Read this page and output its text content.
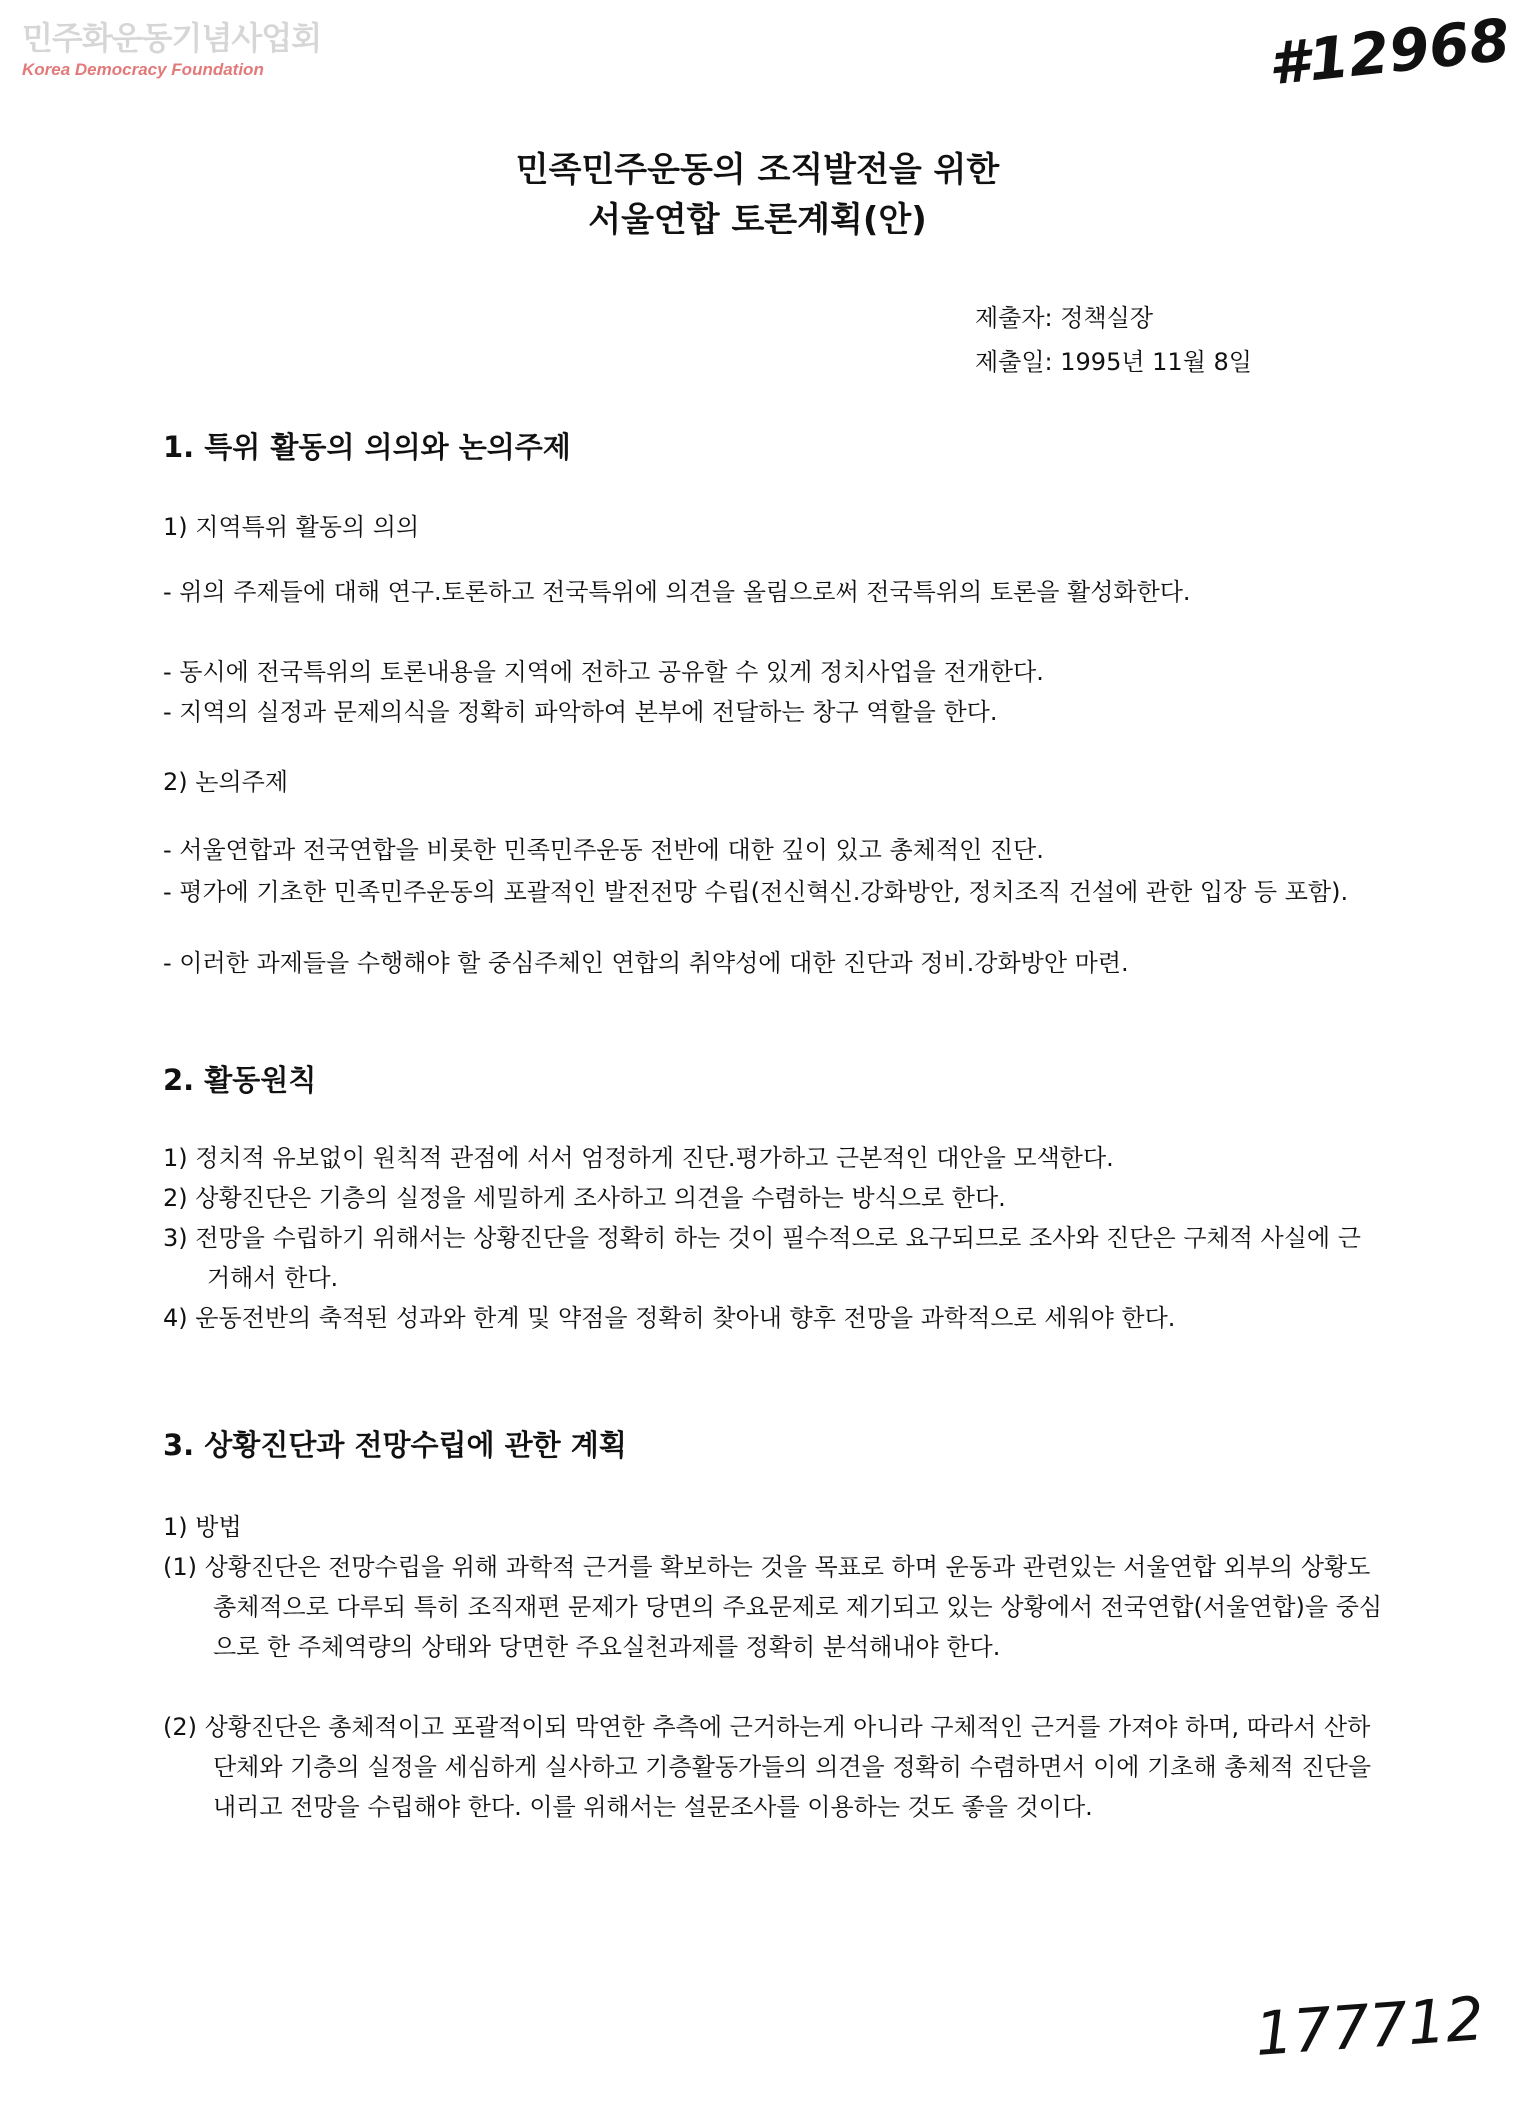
민주화운동기념사업회
Korea Democracy Foundation	#12968
민족민주운동의 조직발전을 위한
서울연합 토론계획(안)
제출자: 정책실장
제출일: 1995년 11월 8일
1. 특위 활동의 의의와 논의주제
1) 지역특위 활동의 의의
- 위의 주제들에 대해 연구.토론하고 전국특위에 의견을 올림으로써 전국특위의 토론을 활성화한다.
- 동시에 전국특위의 토론내용을 지역에 전하고 공유할 수 있게 정치사업을 전개한다.
- 지역의 실정과 문제의식을 정확히 파악하여 본부에 전달하는 창구 역할을 한다.
2) 논의주제
- 서울연합과 전국연합을 비롯한 민족민주운동 전반에 대한 깊이 있고 총체적인 진단.
- 평가에 기초한 민족민주운동의 포괄적인 발전전망 수립(전신혁신.강화방안, 정치조직 건설에 관한 입장 등 포함).
- 이러한 과제들을 수행해야 할 중심주체인 연합의 취약성에 대한 진단과 정비.강화방안 마련.
2. 활동원칙
1) 정치적 유보없이 원칙적 관점에 서서 엄정하게 진단.평가하고 근본적인 대안을 모색한다.
2) 상황진단은 기층의 실정을 세밀하게 조사하고 의견을 수렴하는 방식으로 한다.
3) 전망을 수립하기 위해서는 상황진단을 정확히 하는 것이 필수적으로 요구되므로 조사와 진단은 구체적 사실에 근거해서 한다.
4) 운동전반의 축적된 성과와 한계 및 약점을 정확히 찾아내 향후 전망을 과학적으로 세워야 한다.
3. 상황진단과 전망수립에 관한 계획
1) 방법
(1) 상황진단은 전망수립을 위해 과학적 근거를 확보하는 것을 목표로 하며 운동과 관련있는 서울연합 외부의 상황도 총체적으로 다루되 특히 조직재편 문제가 당면의 주요문제로 제기되고 있는 상황에서 전국연합(서울연합)을 중심으로 한 주체역량의 상태와 당면한 주요실천과제를 정확히 분석해내야 한다.
(2) 상황진단은 총체적이고 포괄적이되 막연한 추측에 근거하는게 아니라 구체적인 근거를 가져야 하며, 따라서 산하단체와 기층의 실정을 세심하게 실사하고 기층활동가들의 의견을 정확히 수렴하면서 이에 기초해 총체적 진단을 내리고 전망을 수립해야 한다. 이를 위해서는 설문조사를 이용하는 것도 좋을 것이다.
177712
